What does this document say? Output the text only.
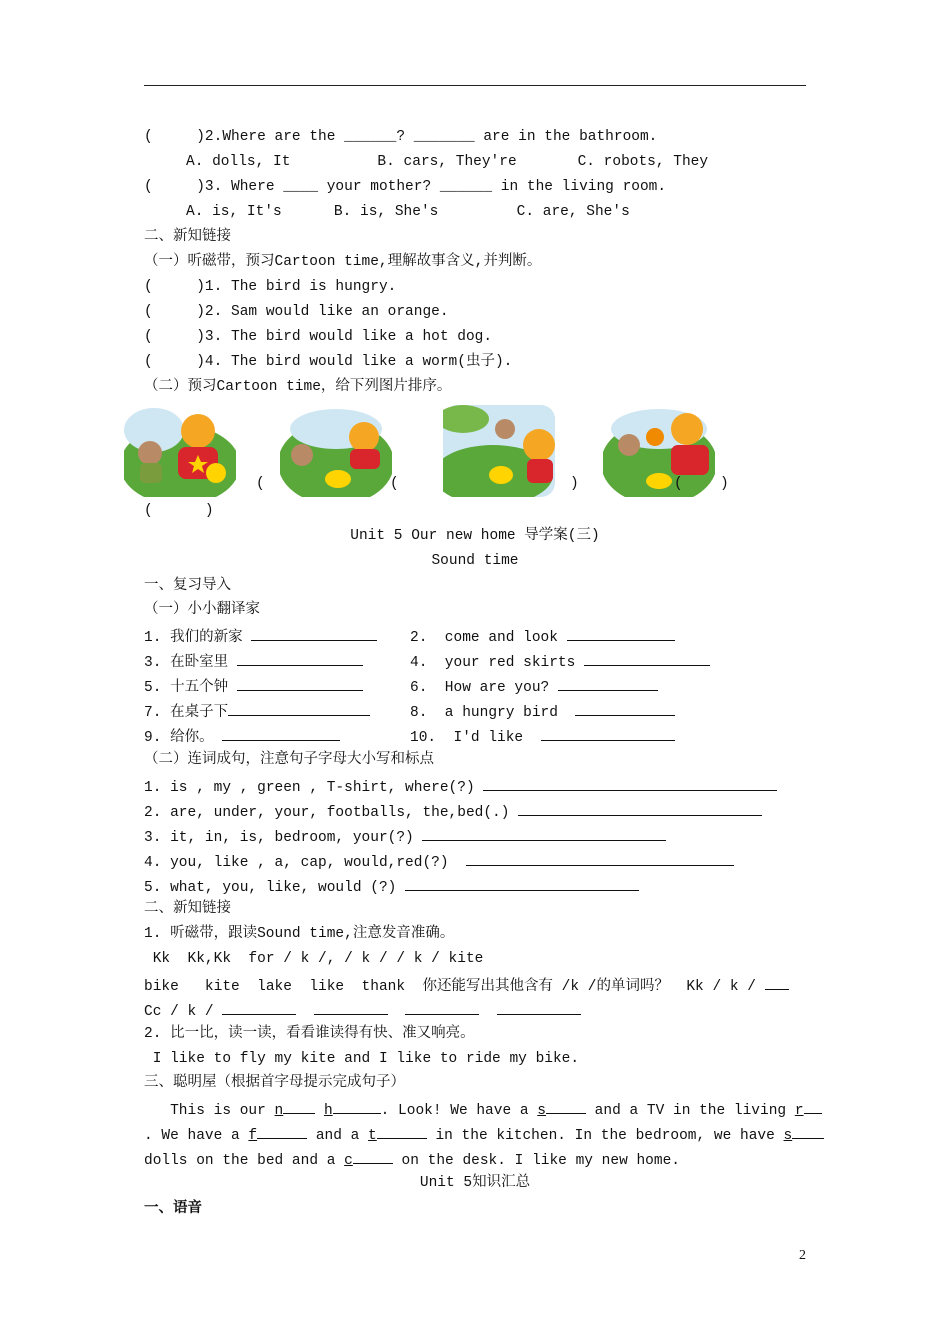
(     )2.Where are the ______? _______ are in the bathroom.
A. dolls, It          B. cars, They're       C. robots, They
(     )3. Where ____ your mother? ______ in the living room.
A. is, It's      B. is, She's         C. are, She's
二、新知链接
（一）听磁带，预习Cartoon time,理解故事含义,并判断。
(     )1. The bird is hungry.
(     )2. Sam would like an orange.
(     )3. The bird would like a hot dog.
(     )4. The bird would like a worm(虫子).
（二）预习Cartoon time，给下列图片排序。
(	(	)	(	)
(      )
Unit 5 Our new home 导学案(三)
Sound time
一、复习导入
（一）小小翻译家
1. 我们的新家	2.  come and look
3. 在卧室里	4.  your red skirts
5. 十五个钟	6.  How are you?
7. 在桌子下	8.  a hungry bird
9. 给你。	10.  I'd like
（二）连词成句，注意句子字母大小写和标点
1. is , my , green , T-shirt, where(?)
2. are, under, your, footballs, the,bed(.)
3. it, in, is, bedroom, your(?)
4. you, like , a, cap, would,red(?)
5. what, you, like, would (?)
二、新知链接
1. 听磁带，跟读Sound time,注意发音准确。
Kk  Kk,Kk  for / k /, / k / / k / kite
bike   kite  lake  like  thank  你还能写出其他含有 /k /的单词吗？  Kk / k /
Cc / k /
2. 比一比，读一读，看看谁读得有快、准又响亮。
I like to fly my kite and I like to ride my bike.
三、聪明屋（根据首字母提示完成句子）
This is our n	h	. Look! We have a s	and a TV in the living r
. We have a f	and a t	in the kitchen. In the bedroom, we have s
dolls on the bed and a c	on the desk. I like my new home.
Unit 5知识汇总
一、语音
2
